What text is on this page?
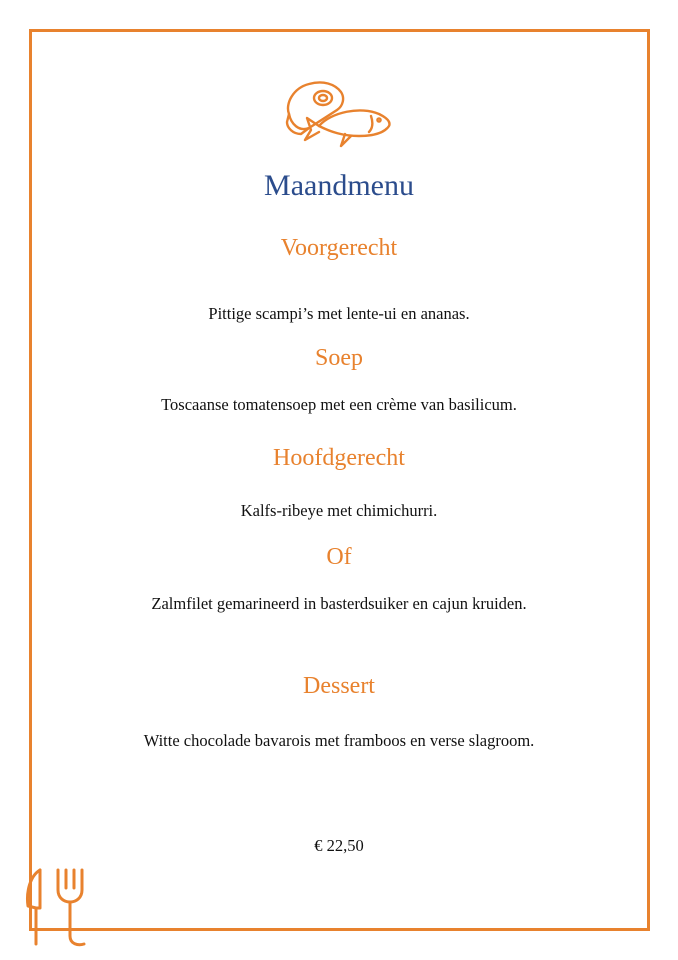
Maandmenu
Voorgerecht
Pittige scampi’s met lente-ui en ananas.
Soep
Toscaanse tomatensoep met een crème van basilicum.
Hoofdgerecht
Kalfs-ribeye met chimichurri.
Of
Zalmfilet gemarineerd in basterdsuiker en cajun kruiden.
Dessert
Witte chocolade bavarois met framboos en verse slagroom.
€ 22,50
